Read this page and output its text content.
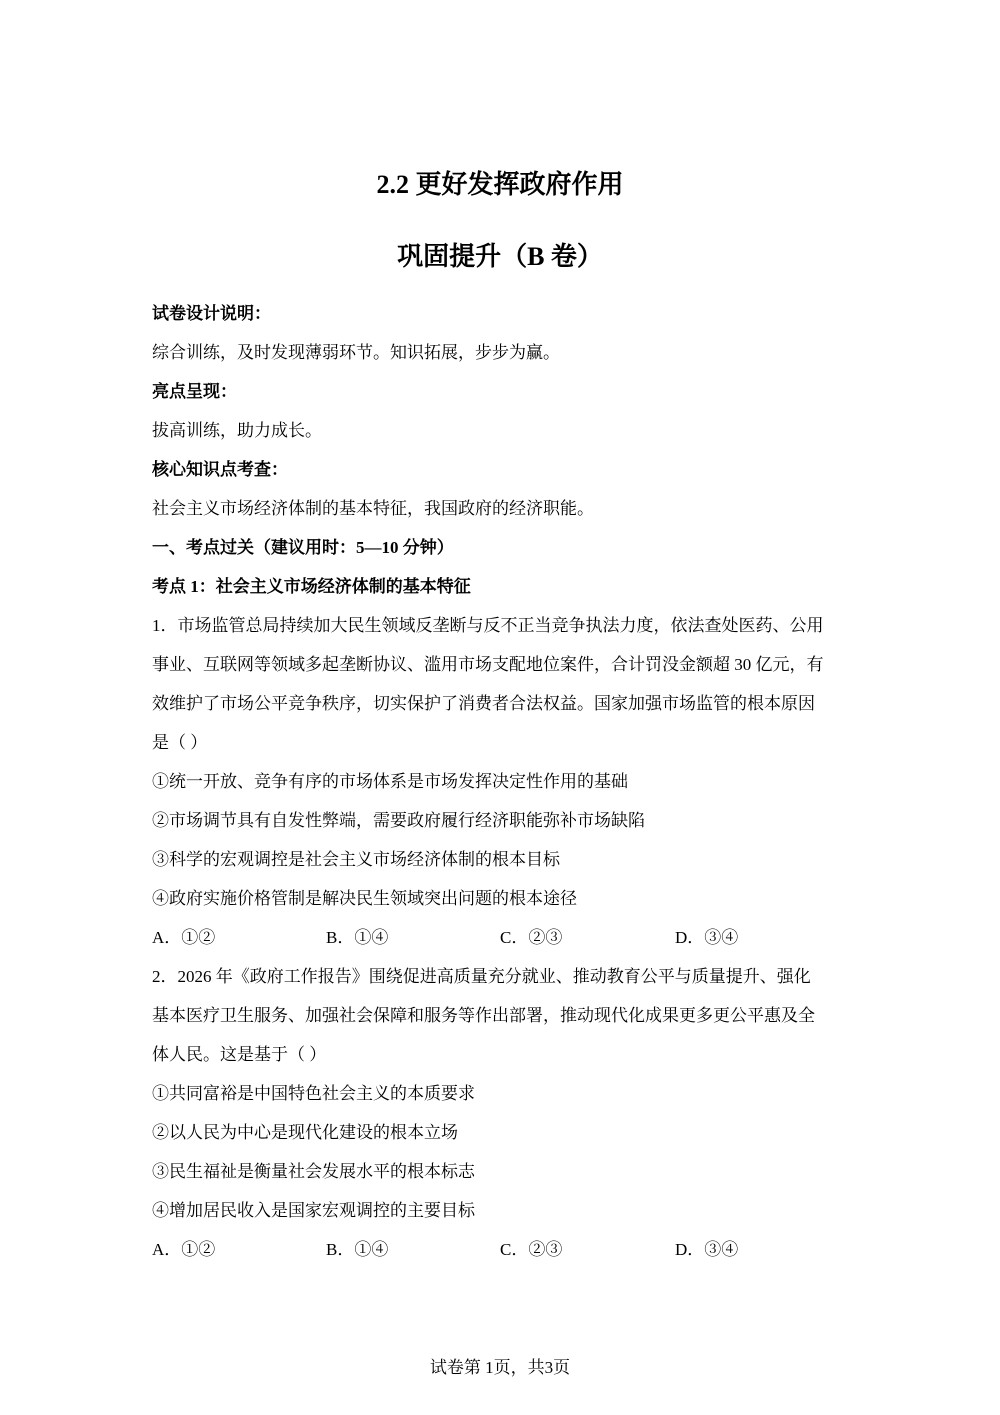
2.2 更好发挥政府作用
巩固提升（B 卷）
试卷设计说明：
综合训练，及时发现薄弱环节。知识拓展，步步为赢。
亮点呈现：
拔高训练，助力成长。
核心知识点考查：
社会主义市场经济体制的基本特征，我国政府的经济职能。
一、考点过关（建议用时：5—10 分钟）
考点 1：社会主义市场经济体制的基本特征
1．市场监管总局持续加大民生领域反垄断与反不正当竞争执法力度，依法查处医药、公用
事业、互联网等领域多起垄断协议、滥用市场支配地位案件，合计罚没金额超 30 亿元，有
效维护了市场公平竞争秩序，切实保护了消费者合法权益。国家加强市场监管的根本原因
是（ ）
①统一开放、竞争有序的市场体系是市场发挥决定性作用的基础
②市场调节具有自发性弊端，需要政府履行经济职能弥补市场缺陷
③科学的宏观调控是社会主义市场经济体制的根本目标
④政府实施价格管制是解决民生领域突出问题的根本途径
A．①②	B．①④	C．②③	D．③④
2．2026 年《政府工作报告》围绕促进高质量充分就业、推动教育公平与质量提升、强化
基本医疗卫生服务、加强社会保障和服务等作出部署，推动现代化成果更多更公平惠及全
体人民。这是基于（ ）
①共同富裕是中国特色社会主义的本质要求
②以人民为中心是现代化建设的根本立场
③民生福祉是衡量社会发展水平的根本标志
④增加居民收入是国家宏观调控的主要目标
A．①②	B．①④	C．②③	D．③④
试卷第 1页，共3页
